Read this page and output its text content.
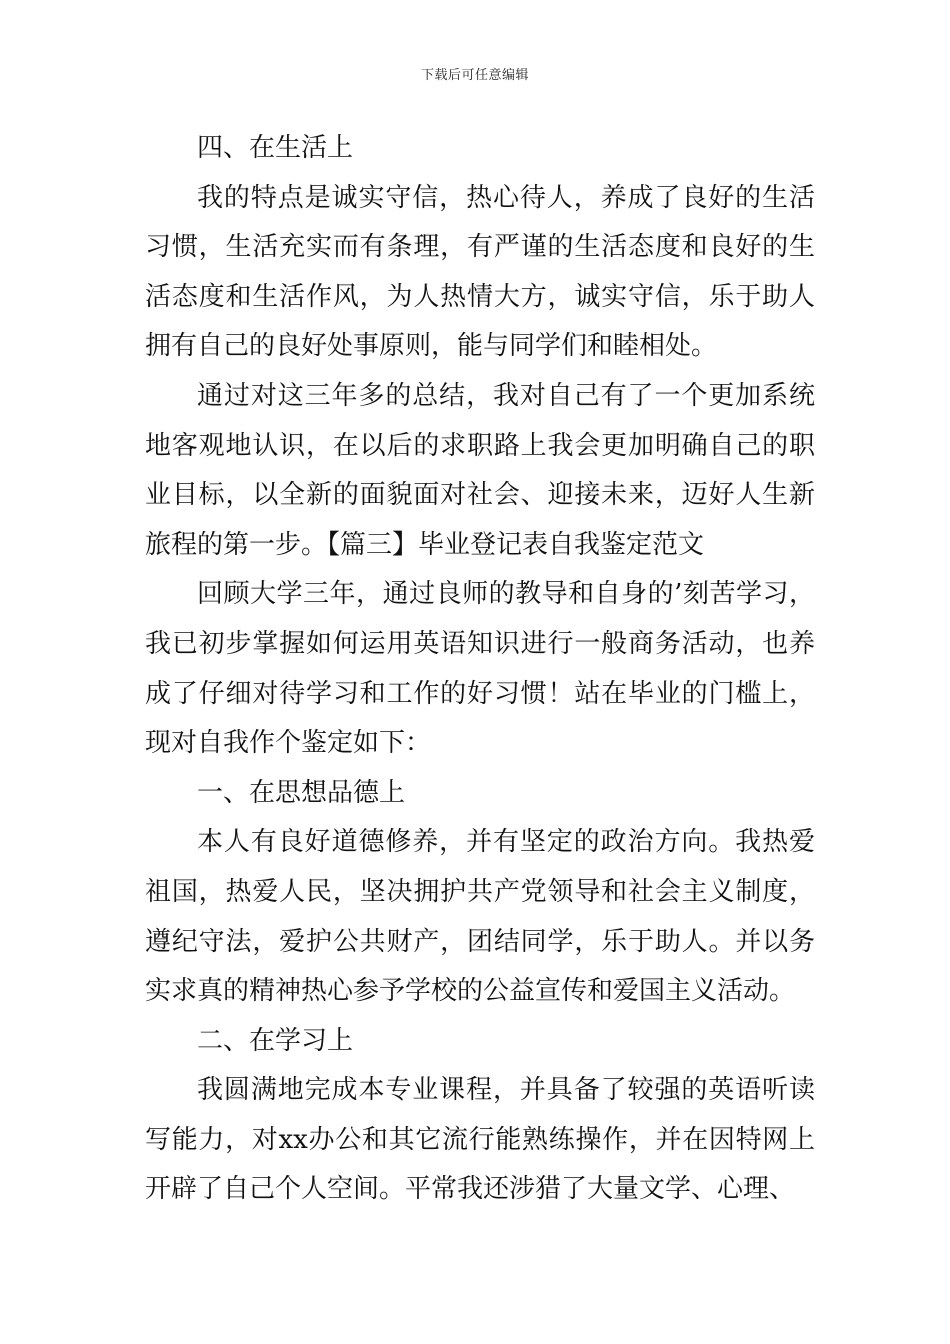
下载后可任意编辑

四、在生活上

我的特点是诚实守信，热心待人，养成了良好的生活习惯，生活充实而有条理，有严谨的生活态度和良好的生活态度和生活作风，为人热情大方，诚实守信，乐于助人拥有自己的良好处事原则，能与同学们和睦相处。

通过对这三年多的总结，我对自己有了一个更加系统地客观地认识，在以后的求职路上我会更加明确自己的职业目标，以全新的面貌面对社会、迎接未来，迈好人生新旅程的第一步。【篇三】毕业登记表自我鉴定范文

回顾大学三年，通过良师的教导和自身的’刻苦学习，我已初步掌握如何运用英语知识进行一般商务活动，也养成了仔细对待学习和工作的好习惯！站在毕业的门槛上，现对自我作个鉴定如下：

一、在思想品德上

本人有良好道德修养，并有坚定的政治方向。我热爱祖国，热爱人民，坚决拥护共产党领导和社会主义制度，遵纪守法，爱护公共财产，团结同学，乐于助人。并以务实求真的精神热心参予学校的公益宣传和爱国主义活动。

二、在学习上

我圆满地完成本专业课程，并具备了较强的英语听读写能力，对xx办公和其它流行能熟练操作，并在因特网上开辟了自己个人空间。平常我还涉猎了大量文学、心理、
